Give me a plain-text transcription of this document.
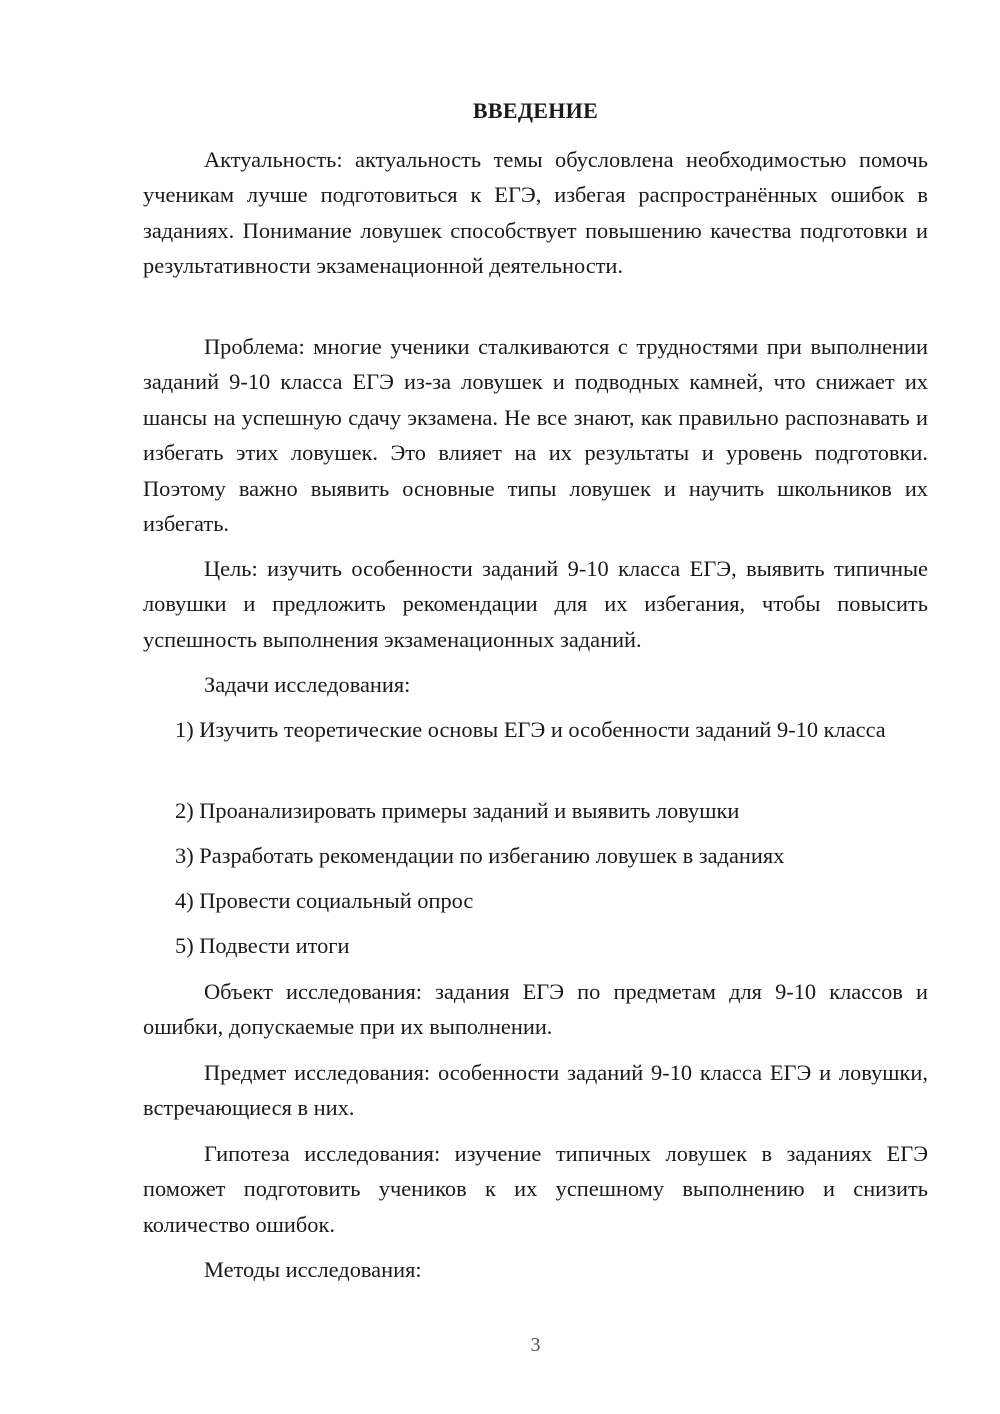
ВВЕДЕНИЕ

Актуальность: актуальность темы обусловлена необходимостью помочь ученикам лучше подготовиться к ЕГЭ, избегая распространённых ошибок в заданиях. Понимание ловушек способствует повышению качества подготовки и результативности экзаменационной деятельности.

Проблема: многие ученики сталкиваются с трудностями при выполнении заданий 9-10 класса ЕГЭ из-за ловушек и подводных камней, что снижает их шансы на успешную сдачу экзамена. Не все знают, как правильно распознавать и избегать этих ловушек. Это влияет на их результаты и уровень подготовки. Поэтому важно выявить основные типы ловушек и научить школьников их избегать.

Цель: изучить особенности заданий 9-10 класса ЕГЭ, выявить типичные ловушки и предложить рекомендации для их избегания, чтобы повысить успешность выполнения экзаменационных заданий.

Задачи исследования:

1) Изучить теоретические основы ЕГЭ и особенности заданий 9-10 класса

2) Проанализировать примеры заданий и выявить ловушки

3) Разработать рекомендации по избеганию ловушек в заданиях

4) Провести социальный опрос

5) Подвести итоги

Объект исследования: задания ЕГЭ по предметам для 9-10 классов и ошибки, допускаемые при их выполнении.

Предмет исследования: особенности заданий 9-10 класса ЕГЭ и ловушки, встречающиеся в них.

Гипотеза исследования: изучение типичных ловушек в заданиях ЕГЭ поможет подготовить учеников к их успешному выполнению и снизить количество ошибок.

Методы исследования:

3
